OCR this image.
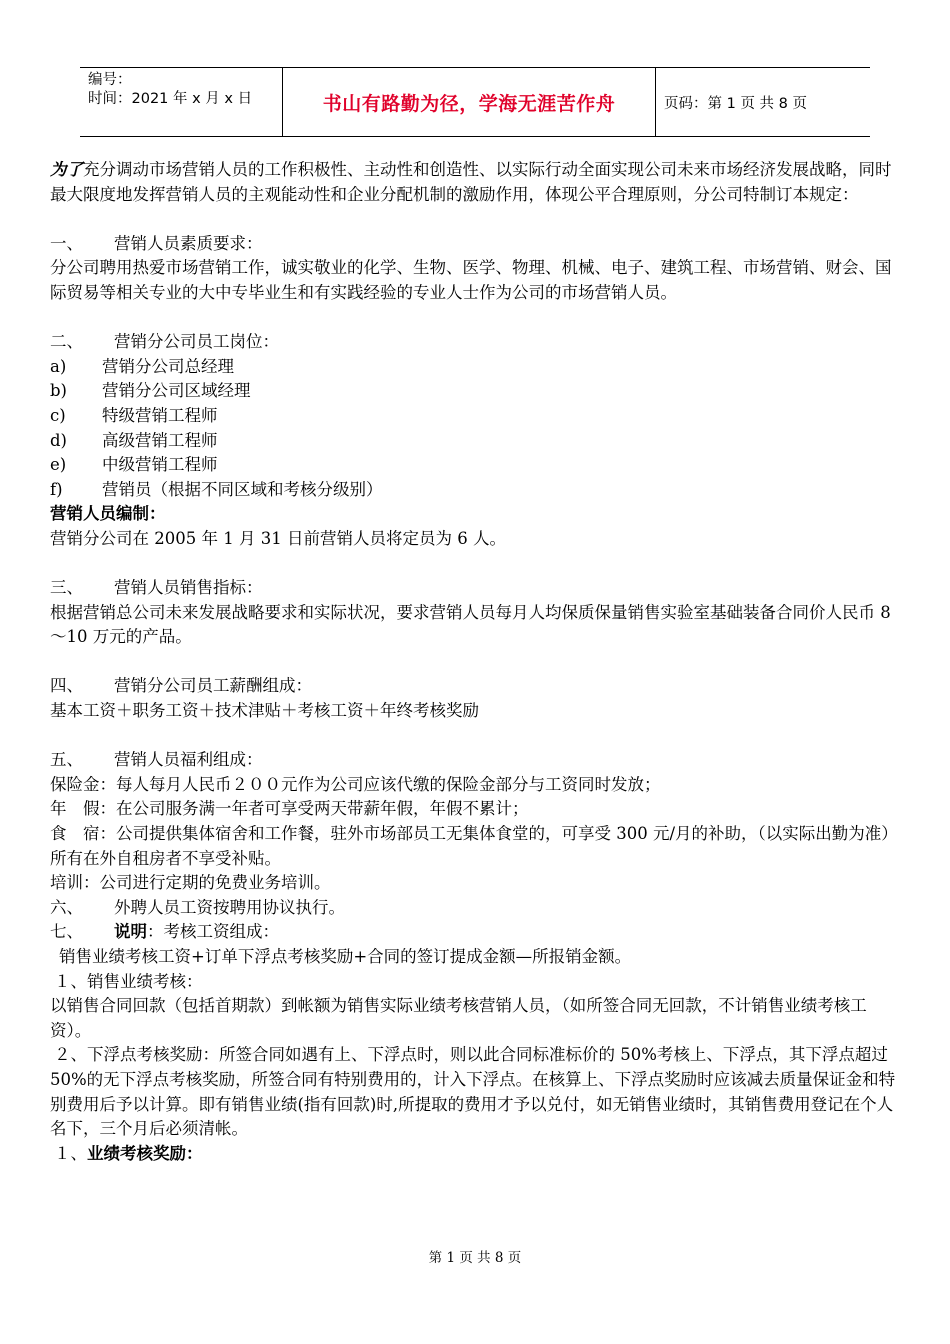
编号：
时间：2021 年 x 月 x 日	书山有路勤为径，学海无涯苦作舟	页码：第 1 页 共 8 页

为了充分调动市场营销人员的工作积极性、主动性和创造性、以实际行动全面实现公司未来市场经济发展战略，同时最大限度地发挥营销人员的主观能动性和企业分配机制的激励作用，体现公平合理原则，分公司特制订本规定：

一、 营销人员素质要求：

分公司聘用热爱市场营销工作，诚实敬业的化学、生物、医学、物理、机械、电子、建筑工程、市场营销、财会、国际贸易等相关专业的大中专毕业生和有实践经验的专业人士作为公司的市场营销人员。

二、 营销分公司员工岗位：

a) 营销分公司总经理

b) 营销分公司区域经理

c) 特级营销工程师

d) 高级营销工程师

e) 中级营销工程师

f) 营销员（根据不同区域和考核分级别）

营销人员编制：

营销分公司在 2005 年 1 月 31 日前营销人员将定员为 6 人。

三、 营销人员销售指标：

根据营销总公司未来发展战略要求和实际状况，要求营销人员每月人均保质保量销售实验室基础装备合同价人民币 8～10 万元的产品。

四、 营销分公司员工薪酬组成：

基本工资＋职务工资＋技术津贴＋考核工资＋年终考核奖励

五、 营销人员福利组成：

保险金：每人每月人民币２００元作为公司应该代缴的保险金部分与工资同时发放；

年　假：在公司服务满一年者可享受两天带薪年假，年假不累计；

食　宿：公司提供集体宿舍和工作餐，驻外市场部员工无集体食堂的，可享受 300 元/月的补助，（以实际出勤为准）所有在外自租房者不享受补贴。

培训：公司进行定期的免费业务培训。

六、 外聘人员工资按聘用协议执行。

七、 说明：考核工资组成：

销售业绩考核工资+订单下浮点考核奖励+合同的签订提成金额—所报销金额。

１、销售业绩考核：

以销售合同回款（包括首期款）到帐额为销售实际业绩考核营销人员，（如所签合同无回款，不计销售业绩考核工资）。

２、下浮点考核奖励：所签合同如遇有上、下浮点时，则以此合同标准标价的 50%考核上、下浮点，其下浮点超过 50%的无下浮点考核奖励，所签合同有特别费用的，计入下浮点。在核算上、下浮点奖励时应该减去质量保证金和特别费用后予以计算。即有销售业绩(指有回款)时,所提取的费用才予以兑付，如无销售业绩时，其销售费用登记在个人名下，三个月后必须清帐。

１、业绩考核奖励：

第 1 页 共 8 页
